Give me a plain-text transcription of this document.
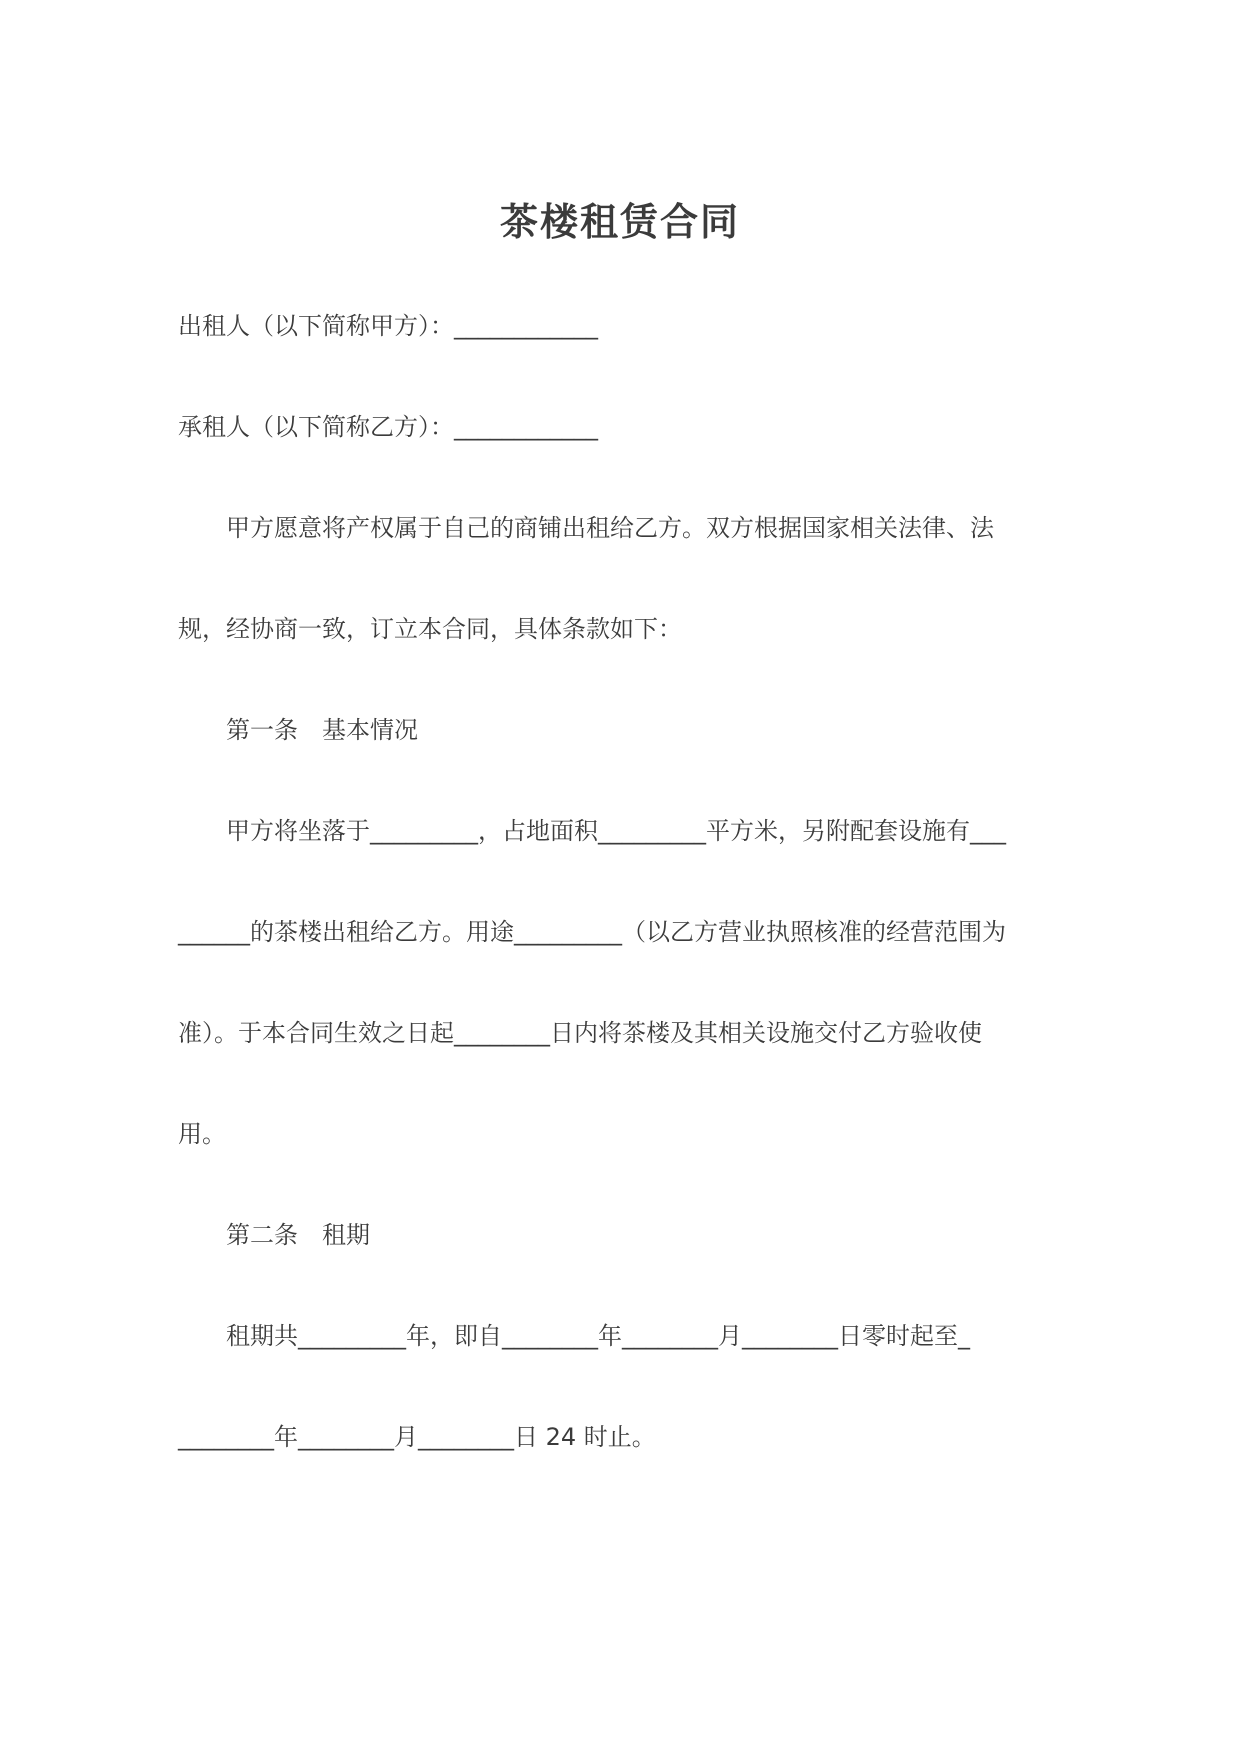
茶楼租赁合同
出租人（以下简称甲方）：____________
承租人（以下简称乙方）：____________
甲方愿意将产权属于自己的商铺出租给乙方。双方根据国家相关法律、法
规，经协商一致，订立本合同，具体条款如下：
第一条　基本情况
甲方将坐落于_________，占地面积_________平方米，另附配套设施有___
______的茶楼出租给乙方。用途_________（以乙方营业执照核准的经营范围为
准）。于本合同生效之日起________日内将茶楼及其相关设施交付乙方验收使
用。
第二条　租期
租期共_________年，即自________年________月________日零时起至_
________年________月________日 24 时止。
